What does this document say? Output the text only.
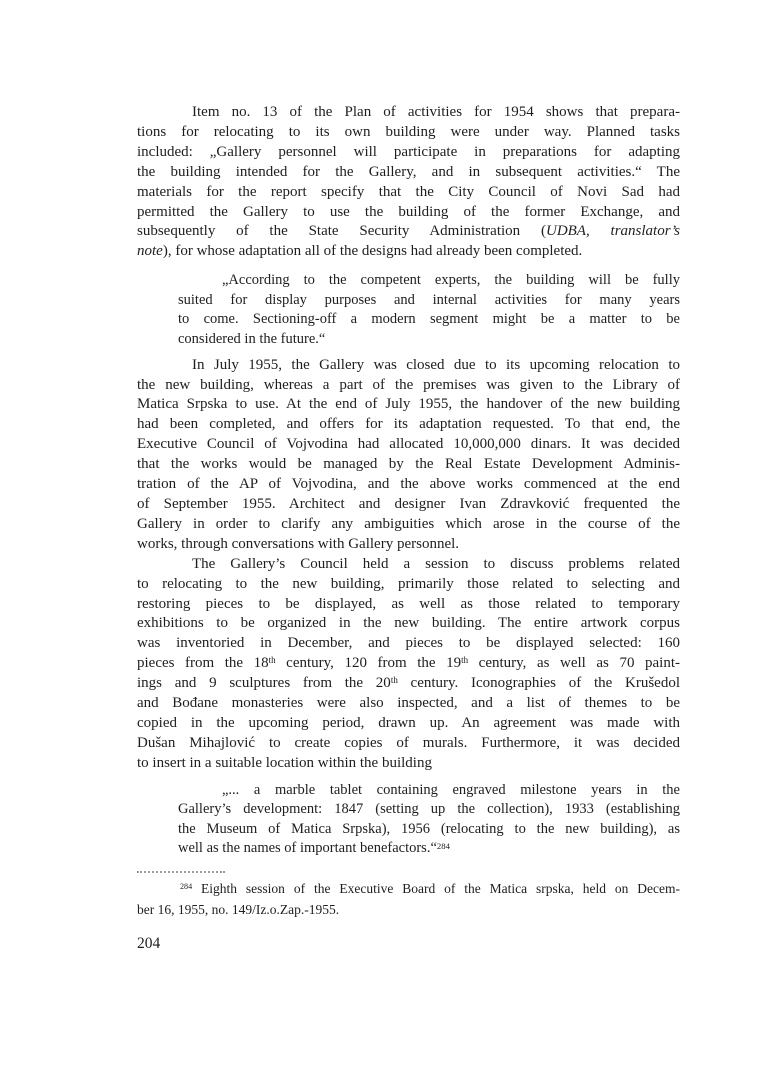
Item no. 13 of the Plan of activities for 1954 shows that prepara-
tions for relocating to its own building were under way. Planned tasks
included: „Gallery personnel will participate in preparations for adapting
the building intended for the Gallery, and in subsequent activities.“ The
materials for the report specify that the City Council of Novi Sad had
permitted the Gallery to use the building of the former Exchange, and
subsequently of the State Security Administration (UDBA, translator’s
note), for whose adaptation all of the designs had already been completed.
„According to the competent experts, the building will be fully
suited for display purposes and internal activities for many years
to come. Sectioning-off a modern segment might be a matter to be
considered in the future.“
In July 1955, the Gallery was closed due to its upcoming relocation to
the new building, whereas a part of the premises was given to the Library of
Matica Srpska to use. At the end of July 1955, the handover of the new building
had been completed, and offers for its adaptation requested. To that end, the
Executive Council of Vojvodina had allocated 10,000,000 dinars. It was decided
that the works would be managed by the Real Estate Development Adminis-
tration of the AP of Vojvodina, and the above works commenced at the end
of September 1955. Architect and designer Ivan Zdravković frequented the
Gallery in order to clarify any ambiguities which arose in the course of the
works, through conversations with Gallery personnel.
The Gallery’s Council held a session to discuss problems related
to relocating to the new building, primarily those related to selecting and
restoring pieces to be displayed, as well as those related to temporary
exhibitions to be organized in the new building. The entire artwork corpus
was inventoried in December, and pieces to be displayed selected: 160
pieces from the 18th century, 120 from the 19th century, as well as 70 paint-
ings and 9 sculptures from the 20th century. Iconographies of the Krušedol
and Bođane monasteries were also inspected, and a list of themes to be
copied in the upcoming period, drawn up. An agreement was made with
Dušan Mihajlović to create copies of murals. Furthermore, it was decided
to insert in a suitable location within the building
„... a marble tablet containing engraved milestone years in the
Gallery’s development: 1847 (setting up the collection), 1933 (establishing
the Museum of Matica Srpska), 1956 (relocating to the new building), as
well as the names of important benefactors.“$^{284}$
$^{284}$ Eighth session of the Executive Board of the Matica srpska, held on Decem-
ber 16, 1955, no. 149/Iz.o.Zap.-1955.
204
